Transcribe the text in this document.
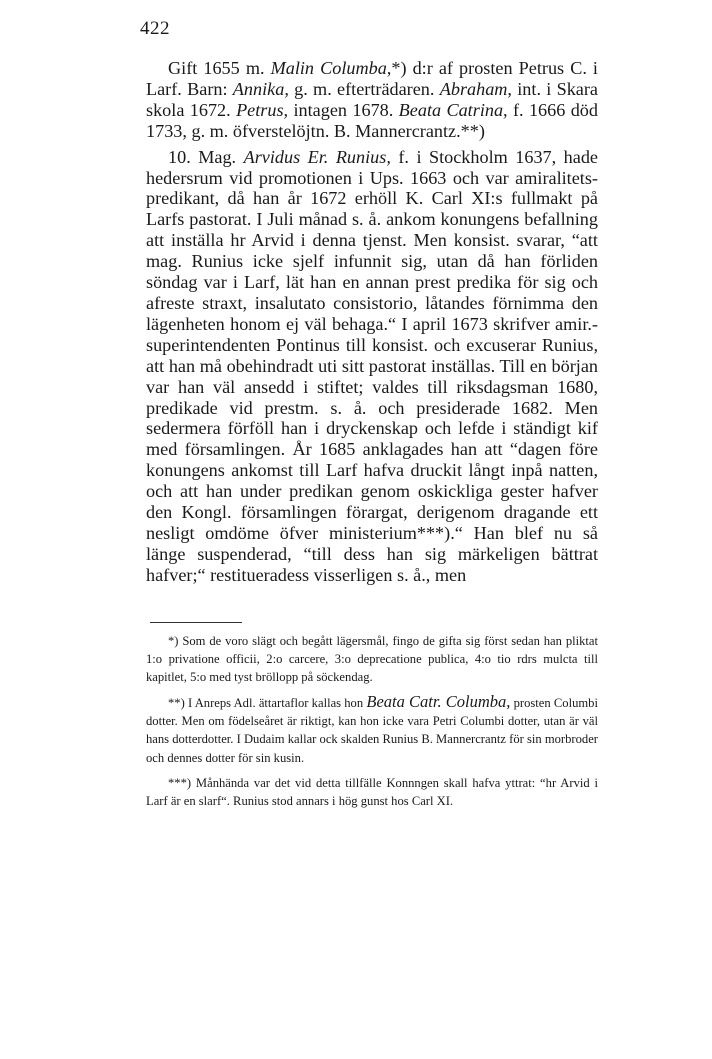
422

Gift 1655 m. Malin Columba,*) d:r af prosten Petrus C. i Larf. Barn: Annika, g. m. efterträdaren. Abraham, int. i Skara skola 1672. Petrus, intagen 1678. Beata Catrina, f. 1666 död 1733, g. m. öfverstelöjtn. B. Mannercrantz.**)

10. Mag. Arvidus Er. Runius, f. i Stockholm 1637, hade hedersrum vid promotionen i Ups. 1663 och var amiralitets-predikant, då han år 1672 erhöll K. Carl XI:s fullmakt på Larfs pastorat. I Juli månad s. å. ankom konungens befallning att inställa hr Arvid i denna tjenst. Men konsist. svarar, “att mag. Runius icke sjelf infunnit sig, utan då han förliden söndag var i Larf, lät han en annan prest predika för sig och afreste straxt, insalutato consistorio, låtandes förnimma den lägenheten honom ej väl behaga.“ I april 1673 skrifver amir.-superintendenten Pontinus till konsist. och excuserar Runius, att han må obehindradt uti sitt pastorat inställas. Till en början var han väl ansedd i stiftet; valdes till riksdagsman 1680, predikade vid prestm. s. å. och presiderade 1682. Men sedermera förföll han i dryckenskap och lefde i ständigt kif med församlingen. År 1685 anklagades han att “dagen före konungens ankomst till Larf hafva druckit långt inpå natten, och att han under predikan genom oskickliga gester hafver den Kongl. församlingen förargat, derigenom dragande ett nesligt omdöme öfver ministerium***).“ Han blef nu så länge suspenderad, “till dess han sig märkeligen bättrat hafver;“ restitueradess visserligen s. å., men

*) Som de voro slägt och begått lägersmål, fingo de gifta sig först sedan han pliktat 1:o privatione officii, 2:o carcere, 3:o deprecatione publica, 4:o tio rdrs mulcta till kapitlet, 5:o med tyst bröllopp på söckendag.

**) I Anreps Adl. ättartaflor kallas hon Beata Catr. Columba, prosten Columbi dotter. Men om födelseåret är riktigt, kan hon icke vara Petri Columbi dotter, utan är väl hans dotterdotter. I Dudaim kallar ock skalden Runius B. Mannercrantz för sin morbroder och dennes dotter för sin kusin.

***) Månhända var det vid detta tillfälle Konnngen skall hafva yttrat: “hr Arvid i Larf är en slarf“. Runius stod annars i hög gunst hos Carl XI.
